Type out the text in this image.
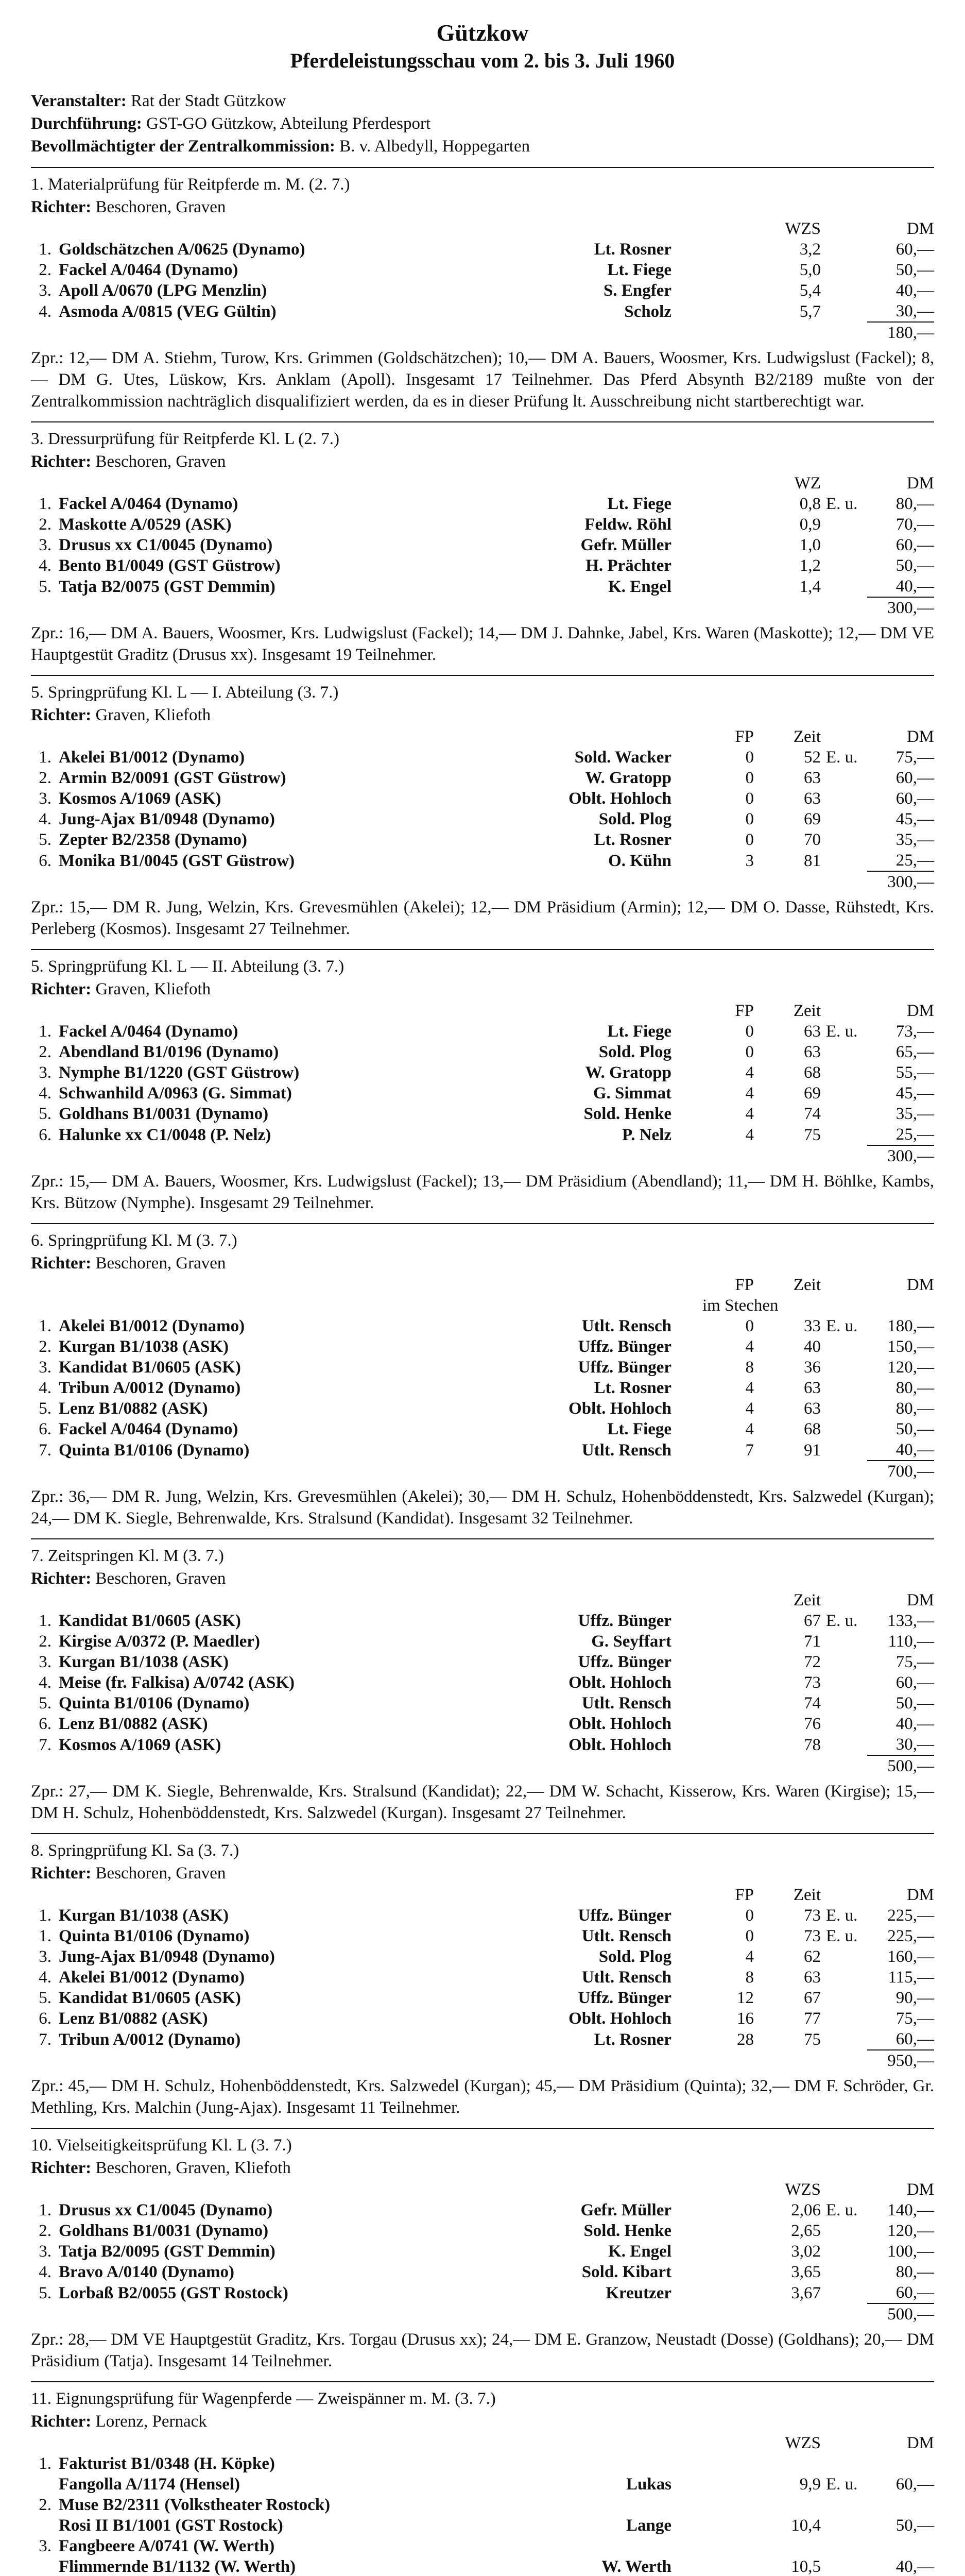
Gützkow
Pferdeleistungsschau vom 2. bis 3. Juli 1960
Veranstalter: Rat der Stadt Gützkow
Durchführung: GST-GO Gützkow, Abteilung Pferdesport
Bevollmächtigter der Zentralkommission: B. v. Albedyll, Hoppegarten

1. Materialprüfung für Reitpferde m. M. (2. 7.)

Richter: Beschoren, Graven

				WZS		DM
1.	Goldschätzchen A/0625 (Dynamo)	Lt. Rosner		3,2		60,—
2.	Fackel A/0464 (Dynamo)	Lt. Fiege		5,0		50,—
3.	Apoll A/0670 (LPG Menzlin)	S. Engfer		5,4		40,—
4.	Asmoda A/0815 (VEG Gültin)	Scholz		5,7		30,—
						180,—

Zpr.: 12,— DM A. Stiehm, Turow, Krs. Grimmen (Goldschätzchen); 10,— DM A. Bauers, Woosmer, Krs. Ludwigslust (Fackel); 8,— DM G. Utes, Lüskow, Krs. Anklam (Apoll). Insgesamt 17 Teilnehmer. Das Pferd Absynth B2/2189 mußte von der Zentralkommission nachträglich disqualifiziert werden, da es in dieser Prüfung lt. Ausschreibung nicht startberechtigt war.

3. Dressurprüfung für Reitpferde Kl. L (2. 7.)

Richter: Beschoren, Graven

				WZ		DM
1.	Fackel A/0464 (Dynamo)	Lt. Fiege		0,8	E. u.	80,—
2.	Maskotte A/0529 (ASK)	Feldw. Röhl		0,9		70,—
3.	Drusus xx C1/0045 (Dynamo)	Gefr. Müller		1,0		60,—
4.	Bento B1/0049 (GST Güstrow)	H. Prächter		1,2		50,—
5.	Tatja B2/0075 (GST Demmin)	K. Engel		1,4		40,—
						300,—

Zpr.: 16,— DM A. Bauers, Woosmer, Krs. Ludwigslust (Fackel); 14,— DM J. Dahnke, Jabel, Krs. Waren (Maskotte); 12,— DM VE Hauptgestüt Graditz (Drusus xx). Insgesamt 19 Teilnehmer.

5. Springprüfung Kl. L — I. Abteilung (3. 7.)

Richter: Graven, Kliefoth

			FP	Zeit		DM
1.	Akelei B1/0012 (Dynamo)	Sold. Wacker	0	52	E. u.	75,—
2.	Armin B2/0091 (GST Güstrow)	W. Gratopp	0	63		60,—
3.	Kosmos A/1069 (ASK)	Oblt. Hohloch	0	63		60,—
4.	Jung-Ajax B1/0948 (Dynamo)	Sold. Plog	0	69		45,—
5.	Zepter B2/2358 (Dynamo)	Lt. Rosner	0	70		35,—
6.	Monika B1/0045 (GST Güstrow)	O. Kühn	3	81		25,—
						300,—

Zpr.: 15,— DM R. Jung, Welzin, Krs. Grevesmühlen (Akelei); 12,— DM Präsidium (Armin); 12,— DM O. Dasse, Rühstedt, Krs. Perleberg (Kosmos). Insgesamt 27 Teilnehmer.

5. Springprüfung Kl. L — II. Abteilung (3. 7.)

Richter: Graven, Kliefoth

			FP	Zeit		DM
1.	Fackel A/0464 (Dynamo)	Lt. Fiege	0	63	E. u.	73,—
2.	Abendland B1/0196 (Dynamo)	Sold. Plog	0	63		65,—
3.	Nymphe B1/1220 (GST Güstrow)	W. Gratopp	4	68		55,—
4.	Schwanhild A/0963 (G. Simmat)	G. Simmat	4	69		45,—
5.	Goldhans B1/0031 (Dynamo)	Sold. Henke	4	74		35,—
6.	Halunke xx C1/0048 (P. Nelz)	P. Nelz	4	75		25,—
						300,—

Zpr.: 15,— DM A. Bauers, Woosmer, Krs. Ludwigslust (Fackel); 13,— DM Präsidium (Abendland); 11,— DM H. Böhlke, Kambs, Krs. Bützow (Nymphe). Insgesamt 29 Teilnehmer.

6. Springprüfung Kl. M (3. 7.)

Richter: Beschoren, Graven

			FP	Zeit		DM
			im Stechen			
1.	Akelei B1/0012 (Dynamo)	Utlt. Rensch	0	33	E. u.	180,—
2.	Kurgan B1/1038 (ASK)	Uffz. Bünger	4	40		150,—
3.	Kandidat B1/0605 (ASK)	Uffz. Bünger	8	36		120,—
4.	Tribun A/0012 (Dynamo)	Lt. Rosner	4	63		80,—
5.	Lenz B1/0882 (ASK)	Oblt. Hohloch	4	63		80,—
6.	Fackel A/0464 (Dynamo)	Lt. Fiege	4	68		50,—
7.	Quinta B1/0106 (Dynamo)	Utlt. Rensch	7	91		40,—
						700,—

Zpr.: 36,— DM R. Jung, Welzin, Krs. Grevesmühlen (Akelei); 30,— DM H. Schulz, Hohenböddenstedt, Krs. Salzwedel (Kurgan); 24,— DM K. Siegle, Behrenwalde, Krs. Stralsund (Kandidat). Insgesamt 32 Teilnehmer.

7. Zeitspringen Kl. M (3. 7.)

Richter: Beschoren, Graven

				Zeit		DM
1.	Kandidat B1/0605 (ASK)	Uffz. Bünger		67	E. u.	133,—
2.	Kirgise A/0372 (P. Maedler)	G. Seyffart		71		110,—
3.	Kurgan B1/1038 (ASK)	Uffz. Bünger		72		75,—
4.	Meise (fr. Falkisa) A/0742 (ASK)	Oblt. Hohloch		73		60,—
5.	Quinta B1/0106 (Dynamo)	Utlt. Rensch		74		50,—
6.	Lenz B1/0882 (ASK)	Oblt. Hohloch		76		40,—
7.	Kosmos A/1069 (ASK)	Oblt. Hohloch		78		30,—
						500,—

Zpr.: 27,— DM K. Siegle, Behrenwalde, Krs. Stralsund (Kandidat); 22,— DM W. Schacht, Kisserow, Krs. Waren (Kirgise); 15,— DM H. Schulz, Hohenböddenstedt, Krs. Salzwedel (Kurgan). Insgesamt 27 Teilnehmer.

8. Springprüfung Kl. Sa (3. 7.)

Richter: Beschoren, Graven

			FP	Zeit		DM
1.	Kurgan B1/1038 (ASK)	Uffz. Bünger	0	73	E. u.	225,—
1.	Quinta B1/0106 (Dynamo)	Utlt. Rensch	0	73	E. u.	225,—
3.	Jung-Ajax B1/0948 (Dynamo)	Sold. Plog	4	62		160,—
4.	Akelei B1/0012 (Dynamo)	Utlt. Rensch	8	63		115,—
5.	Kandidat B1/0605 (ASK)	Uffz. Bünger	12	67		90,—
6.	Lenz B1/0882 (ASK)	Oblt. Hohloch	16	77		75,—
7.	Tribun A/0012 (Dynamo)	Lt. Rosner	28	75		60,—
						950,—

Zpr.: 45,— DM H. Schulz, Hohenböddenstedt, Krs. Salzwedel (Kurgan); 45,— DM Präsidium (Quinta); 32,— DM F. Schröder, Gr. Methling, Krs. Malchin (Jung-Ajax). Insgesamt 11 Teilnehmer.

10. Vielseitigkeitsprüfung Kl. L (3. 7.)

Richter: Beschoren, Graven, Kliefoth

				WZS		DM
1.	Drusus xx C1/0045 (Dynamo)	Gefr. Müller		2,06	E. u.	140,—
2.	Goldhans B1/0031 (Dynamo)	Sold. Henke		2,65		120,—
3.	Tatja B2/0095 (GST Demmin)	K. Engel		3,02		100,—
4.	Bravo A/0140 (Dynamo)	Sold. Kibart		3,65		80,—
5.	Lorbaß B2/0055 (GST Rostock)	Kreutzer		3,67		60,—
						500,—

Zpr.: 28,— DM VE Hauptgestüt Graditz, Krs. Torgau (Drusus xx); 24,— DM E. Granzow, Neustadt (Dosse) (Goldhans); 20,— DM Präsidium (Tatja). Insgesamt 14 Teilnehmer.

11. Eignungsprüfung für Wagenpferde — Zweispänner m. M. (3. 7.)

Richter: Lorenz, Pernack

				WZS		DM
1.	Fakturist B1/0348 (H. Köpke)					
	Fangolla A/1174 (Hensel)	Lukas		9,9	E. u.	60,—
2.	Muse B2/2311 (Volkstheater Rostock)					
	Rosi II B1/1001 (GST Rostock)	Lange		10,4		50,—
3.	Fangbeere A/0741 (W. Werth)					
	Flimmernde B1/1132 (W. Werth)	W. Werth		10,5		40,—
